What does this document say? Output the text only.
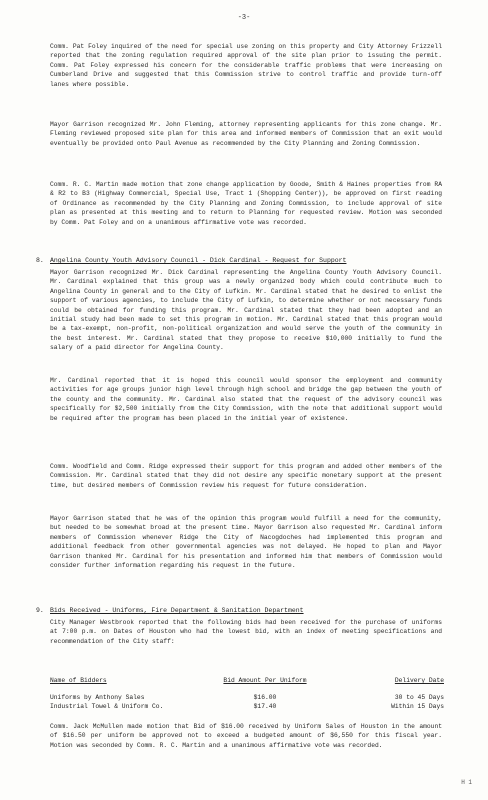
-3-

Comm. Pat Foley inquired of the need for special use zoning on this property and City Attorney Frizzell reported that the zoning regulation required approval of the site plan prior to issuing the permit. Comm. Pat Foley expressed his concern for the considerable traffic problems that were increasing on Cumberland Drive and suggested that this Commission strive to control traffic and provide turn-off lanes where possible.

Mayor Garrison recognized Mr. John Fleming, attorney representing applicants for this zone change. Mr. Fleming reviewed proposed site plan for this area and informed members of Commission that an exit would eventually be provided onto Paul Avenue as recommended by the City Planning and Zoning Commission.

Comm. R. C. Martin made motion that zone change application by Goode, Smith & Haines properties from RA & R2 to B3 (Highway Commercial, Special Use, Tract 1 (Shopping Center)), be approved on first reading of Ordinance as recommended by the City Planning and Zoning Commission, to include approval of site plan as presented at this meeting and to return to Planning for requested review. Motion was seconded by Comm. Pat Foley and on a unanimous affirmative vote was recorded.

8. Angelina County Youth Advisory Council - Dick Cardinal - Request for Support

Mayor Garrison recognized Mr. Dick Cardinal representing the Angelina County Youth Advisory Council. Mr. Cardinal explained that this group was a newly organized body which could contribute much to Angelina County in general and to the City of Lufkin. Mr. Cardinal stated that he desired to enlist the support of various agencies, to include the City of Lufkin, to determine whether or not necessary funds could be obtained for funding this program. Mr. Cardinal stated that they had been adopted and an initial study had been made to set this program in motion. Mr. Cardinal stated that this program would be a tax-exempt, non-profit, non-political organization and would serve the youth of the community in the best interest. Mr. Cardinal stated that they propose to receive $10,000 initially to fund the salary of a paid director for Angelina County.

Mr. Cardinal reported that it is hoped this council would sponsor the employment and community activities for age groups junior high level through high school and bridge the gap between the youth of the county and the community. Mr. Cardinal also stated that the request of the advisory council was specifically for $2,500 initially from the City Commission, with the note that additional support would be required after the program has been placed in the initial year of existence.

Comm. Woodfield and Comm. Ridge expressed their support for this program and added other members of the Commission. Mr. Cardinal stated that they did not desire any specific monetary support at the present time, but desired members of Commission review his request for future consideration.

Mayor Garrison stated that he was of the opinion this program would fulfill a need for the community, but needed to be somewhat broad at the present time. Mayor Garrison also requested Mr. Cardinal inform members of Commission whenever Ridge the City of Nacogdoches had implemented this program and additional feedback from other governmental agencies was not delayed. He hoped to plan and Mayor Garrison thanked Mr. Cardinal for his presentation and informed him that members of Commission would consider further information regarding his request in the future.

9. Bids Received - Uniforms, Fire Department & Sanitation Department

City Manager Westbrook reported that the following bids had been received for the purchase of uniforms at 7:00 p.m. on Dates of Houston who had the lowest bid, with an index of meeting specifications and recommendation of the City staff:

Name of Bidders	Bid Amount Per Uniform	Delivery Date
Uniforms by Anthony Sales	$16.00	30 to 45 Days
Industrial Towel & Uniform Co.	$17.40	Within 15 Days

Comm. Jack McMullen made motion that Bid of $16.00 received by Uniform Sales of Houston in the amount of $16.50 per uniform be approved not to exceed a budgeted amount of $6,550 for this fiscal year. Motion was seconded by Comm. R. C. Martin and a unanimous affirmative vote was recorded.

H 1
